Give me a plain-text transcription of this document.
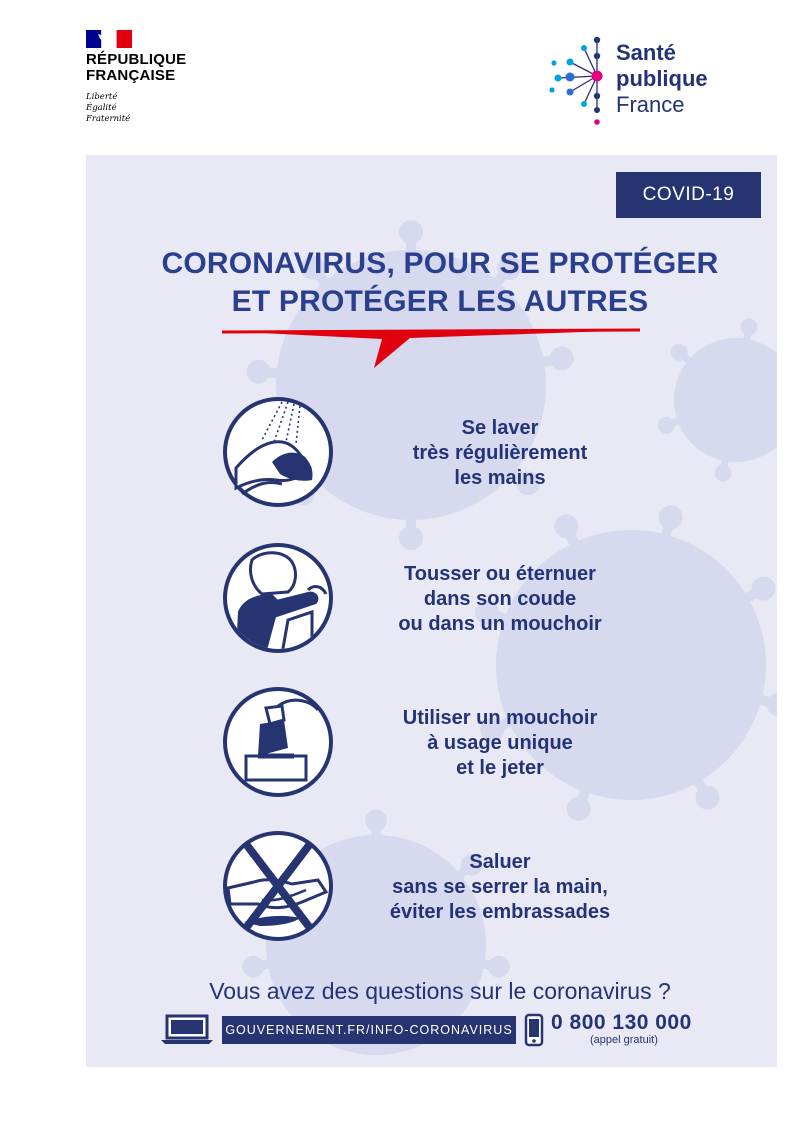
RÉPUBLIQUE
FRANÇAISE
Liberté
Égalité
Fraternité
Santé
publique
France
COVID-19
CORONAVIRUS, POUR SE PROTÉGER
ET PROTÉGER LES AUTRES
Se laver
très régulièrement
les mains
Tousser ou éternuer
dans son coude
ou dans un mouchoir
Utiliser un mouchoir
à usage unique
et le jeter
Saluer
sans se serrer la main,
éviter les embrassades
Vous avez des questions sur le coronavirus ?
GOUVERNEMENT.FR/INFO-CORONAVIRUS 0 800 130 000
(appel gratuit)
